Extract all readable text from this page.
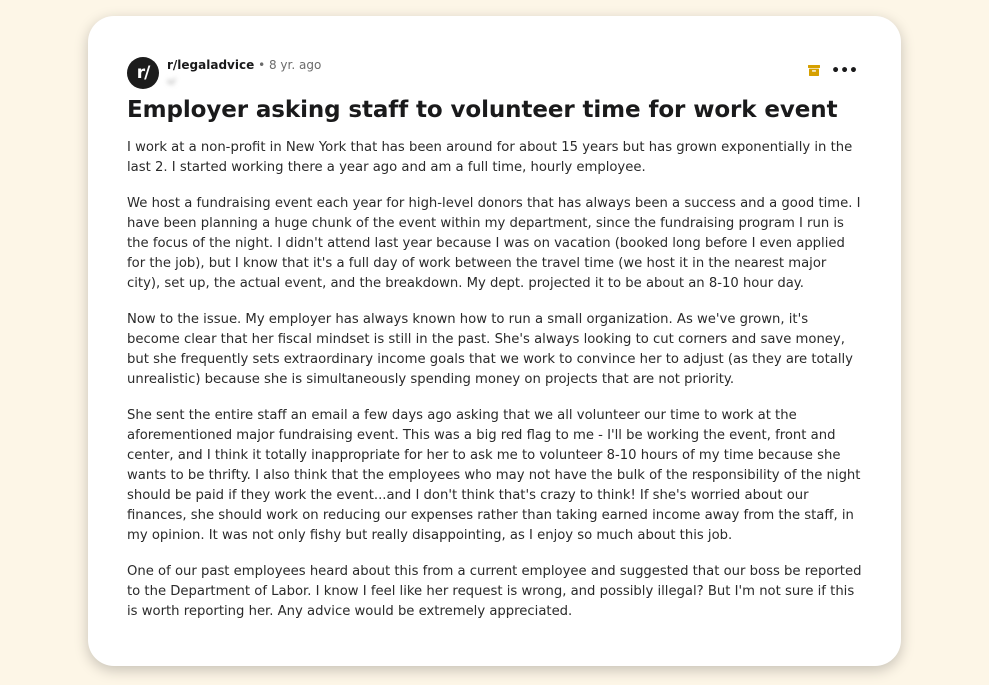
r/	r/legaladvice • 8 yr. ago
u/
•••
Employer asking staff to volunteer time for work event

I work at a non-profit in New York that has been around for about 15 years but has grown exponentially in the last 2. I started working there a year ago and am a full time, hourly employee.

We host a fundraising event each year for high-level donors that has always been a success and a good time. I have been planning a huge chunk of the event within my department, since the fundraising program I run is the focus of the night. I didn't attend last year because I was on vacation (booked long before I even applied for the job), but I know that it's a full day of work between the travel time (we host it in the nearest major city), set up, the actual event, and the breakdown. My dept. projected it to be about an 8-10 hour day.

Now to the issue. My employer has always known how to run a small organization. As we've grown, it's become clear that her fiscal mindset is still in the past. She's always looking to cut corners and save money, but she frequently sets extraordinary income goals that we work to convince her to adjust (as they are totally unrealistic) because she is simultaneously spending money on projects that are not priority.

She sent the entire staff an email a few days ago asking that we all volunteer our time to work at the aforementioned major fundraising event. This was a big red flag to me - I'll be working the event, front and center, and I think it totally inappropriate for her to ask me to volunteer 8-10 hours of my time because she wants to be thrifty. I also think that the employees who may not have the bulk of the responsibility of the night should be paid if they work the event...and I don't think that's crazy to think! If she's worried about our finances, she should work on reducing our expenses rather than taking earned income away from the staff, in my opinion. It was not only fishy but really disappointing, as I enjoy so much about this job.

One of our past employees heard about this from a current employee and suggested that our boss be reported to the Department of Labor. I know I feel like her request is wrong, and possibly illegal? But I'm not sure if this is worth reporting her. Any advice would be extremely appreciated.
